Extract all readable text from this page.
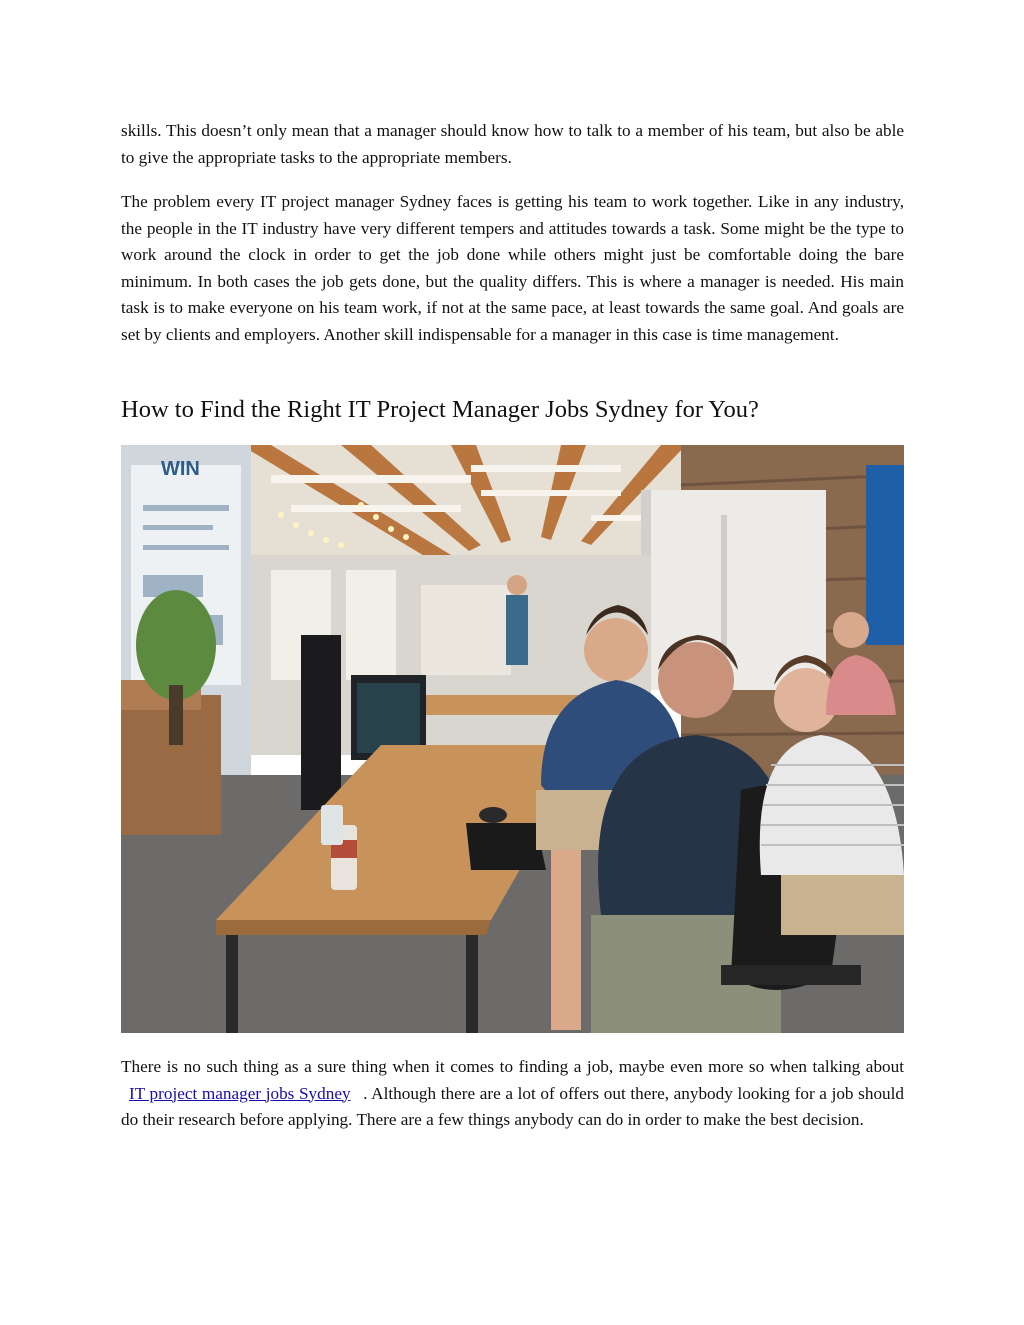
skills. This doesn’t only mean that a manager should know how to talk to a member of his team, but also be able to give the appropriate tasks to the appropriate members.

The problem every IT project manager Sydney faces is getting his team to work together. Like in any industry, the people in the IT industry have very different tempers and attitudes towards a task. Some might be the type to work around the clock in order to get the job done while others might just be comfortable doing the bare minimum. In both cases the job gets done, but the quality differs. This is where a manager is needed. His main task is to make everyone on his team work, if not at the same pace, at least towards the same goal. And goals are set by clients and employers. Another skill indispensable for a manager in this case is time management.

How to Find the Right IT Project Manager Jobs Sydney for You?
WIN

There is no such thing as a sure thing when it comes to finding a job, maybe even more so when talking about IT project manager jobs Sydney . Although there are a lot of offers out there, anybody looking for a job should do their research before applying. There are a few things anybody can do in order to make the best decision.
